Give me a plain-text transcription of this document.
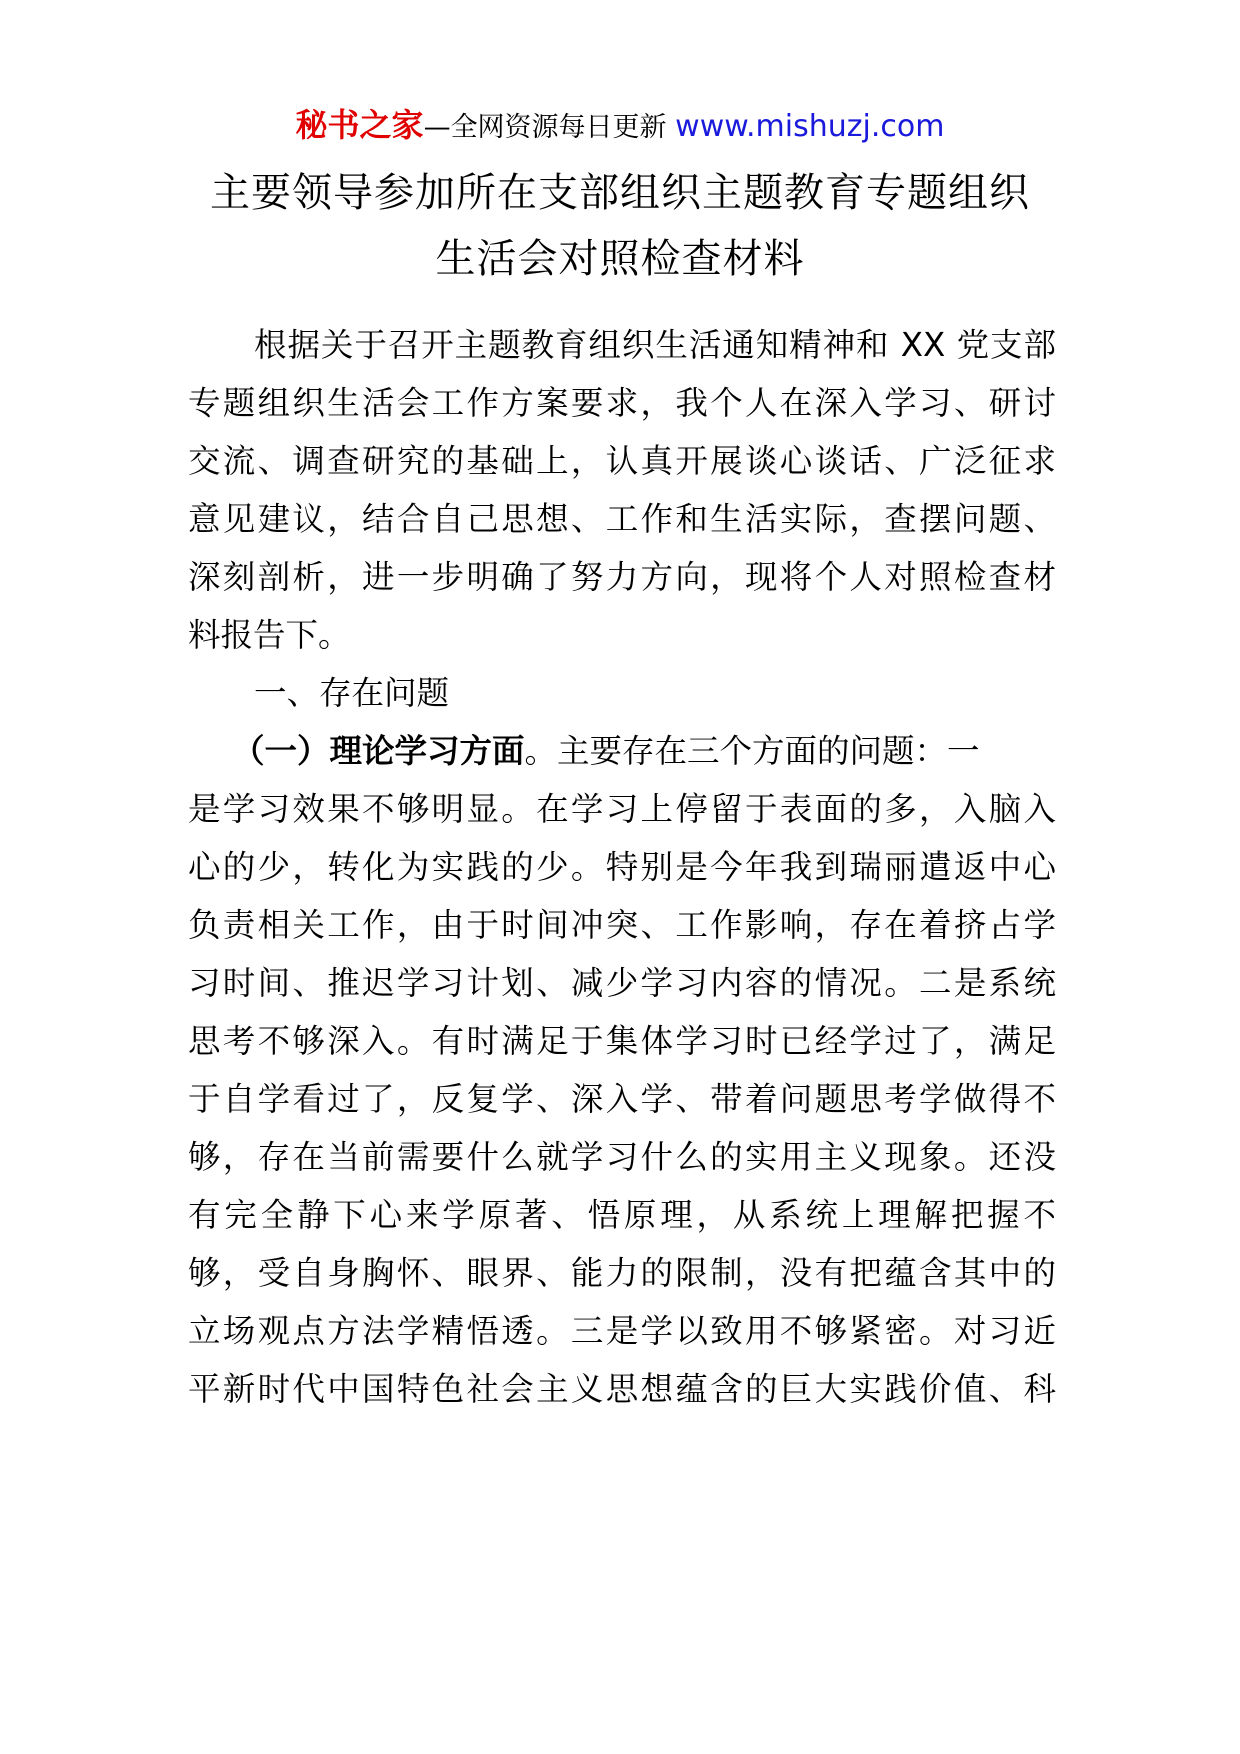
秘书之家—全网资源每日更新 www.mishuzj.com
主要领导参加所在支部组织主题教育专题组织
生活会对照检查材料
根据关于召开主题教育组织生活通知精神和 XX 党支部
专题组织生活会工作方案要求，我个人在深入学习、研讨
交流、调查研究的基础上，认真开展谈心谈话、广泛征求
意见建议，结合自己思想、工作和生活实际，查摆问题、
深刻剖析，进一步明确了努力方向，现将个人对照检查材
料报告下。
一、存在问题
（一）理论学习方面。主要存在三个方面的问题：一
是学习效果不够明显。在学习上停留于表面的多，入脑入
心的少，转化为实践的少。特别是今年我到瑞丽遣返中心
负责相关工作，由于时间冲突、工作影响，存在着挤占学
习时间、推迟学习计划、减少学习内容的情况。二是系统
思考不够深入。有时满足于集体学习时已经学过了，满足
于自学看过了，反复学、深入学、带着问题思考学做得不
够，存在当前需要什么就学习什么的实用主义现象。还没
有完全静下心来学原著、悟原理，从系统上理解把握不
够，受自身胸怀、眼界、能力的限制，没有把蕴含其中的
立场观点方法学精悟透。三是学以致用不够紧密。对习近
平新时代中国特色社会主义思想蕴含的巨大实践价值、科
